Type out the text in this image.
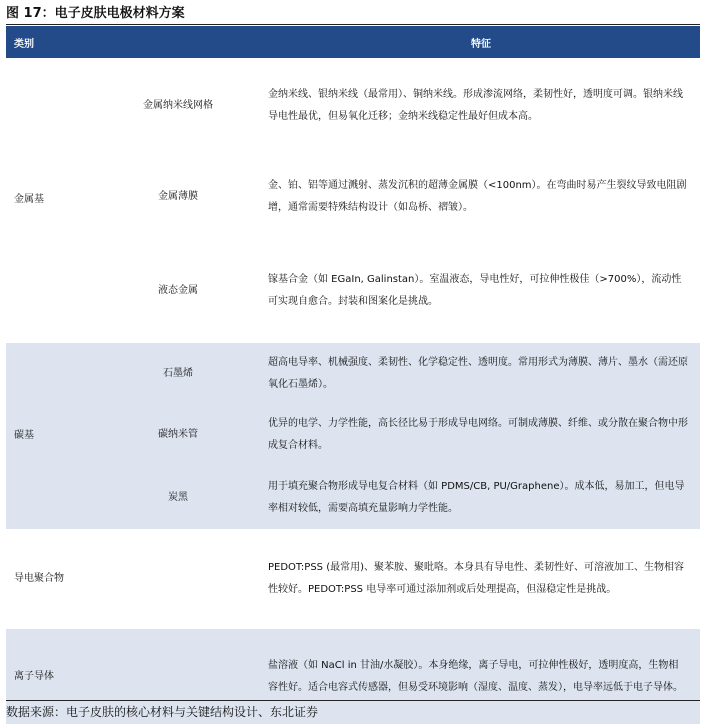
图 17：电子皮肤电极材料方案
类别		特征
金属基	金属纳米线网格	金纳米线、银纳米线（最常用）、铜纳米线。形成渗流网络，柔韧性好，透明度可调。银纳米线导电性最优，但易氧化迁移；金纳米线稳定性最好但成本高。
	金属薄膜	金、铂、铝等通过溅射、蒸发沉积的超薄金属膜（<100nm）。在弯曲时易产生裂纹导致电阻剧增，通常需要特殊结构设计（如岛桥、褶皱）。
	液态金属	镓基合金（如 EGaIn, Galinstan）。室温液态，导电性好，可拉伸性极佳（>700%），流动性可实现自愈合。封装和图案化是挑战。
碳基	石墨烯	超高电导率、机械强度、柔韧性、化学稳定性、透明度。常用形式为薄膜、薄片、墨水（需还原氧化石墨烯）。
	碳纳米管	优异的电学、力学性能，高长径比易于形成导电网络。可制成薄膜、纤维、或分散在聚合物中形成复合材料。
	炭黑	用于填充聚合物形成导电复合材料（如 PDMS/CB, PU/Graphene）。成本低，易加工，但电导率相对较低，需要高填充量影响力学性能。
导电聚合物		PEDOT:PSS (最常用)、聚苯胺、聚吡咯。本身具有导电性、柔韧性好、可溶液加工、生物相容性较好。PEDOT:PSS 电导率可通过添加剂或后处理提高，但湿稳定性是挑战。
离子导体		盐溶液（如 NaCl in 甘油/水凝胶）。本身绝缘，离子导电，可拉伸性极好，透明度高，生物相容性好。适合电容式传感器，但易受环境影响（湿度、温度、蒸发），电导率远低于电子导体。
数据来源：电子皮肤的核心材料与关键结构设计、东北证券
